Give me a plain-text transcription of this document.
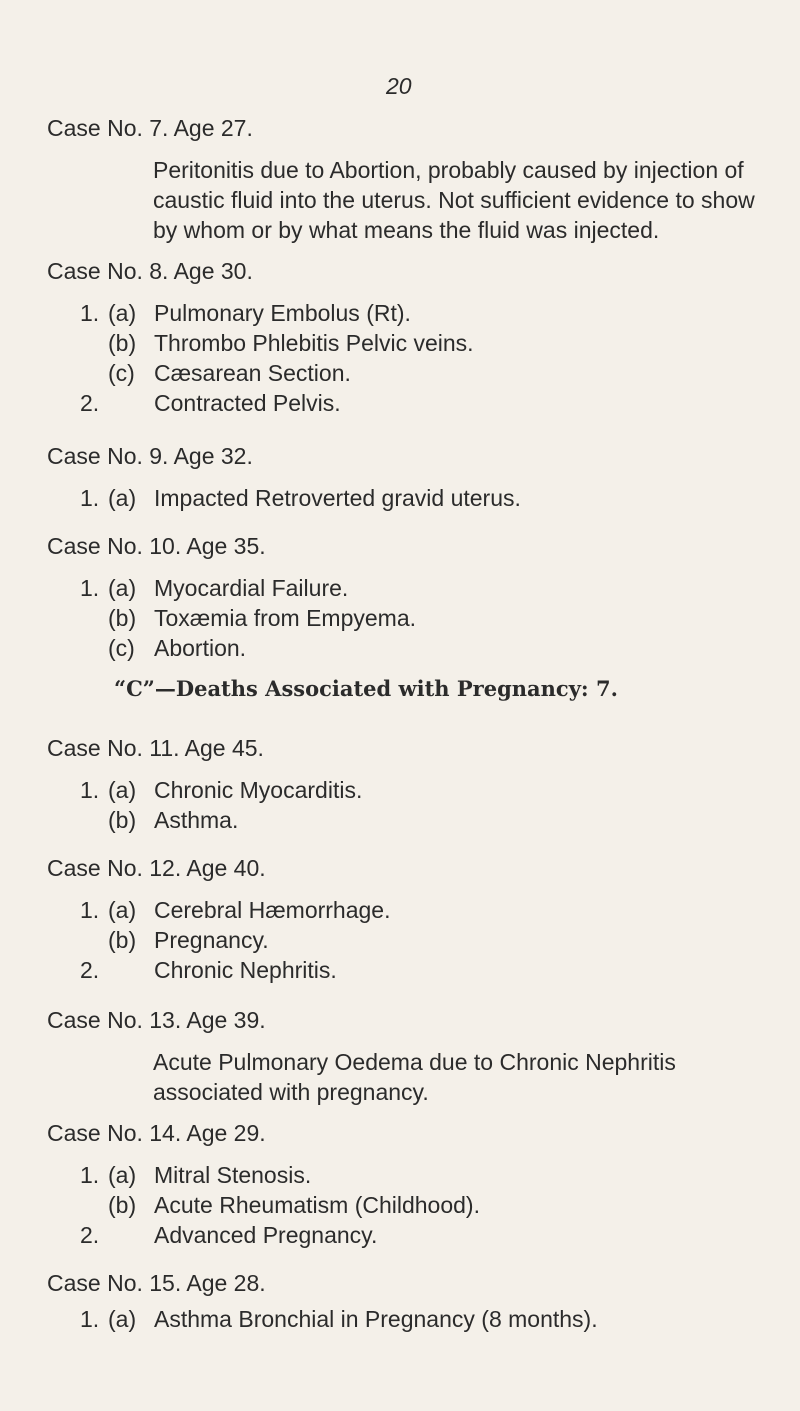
20

Case No. 7. Age 27.

Peritonitis due to Abortion, probably caused by injection of caustic fluid into the uterus. Not sufficient evidence to show by whom or by what means the fluid was injected.

Case No. 8. Age 30.

1. (a) Pulmonary Embolus (Rt).
(b) Thrombo Phlebitis Pelvic veins.
(c) Cæsarean Section.
2. Contracted Pelvis.

Case No. 9. Age 32.

1. (a) Impacted Retroverted gravid uterus.

Case No. 10. Age 35.

1. (a) Myocardial Failure.
(b) Toxæmia from Empyema.
(c) Abortion.
“C”—Deaths Associated with Pregnancy: 7.

Case No. 11. Age 45.

1. (a) Chronic Myocarditis.
(b) Asthma.

Case No. 12. Age 40.

1. (a) Cerebral Hæmorrhage.
(b) Pregnancy.
2. Chronic Nephritis.

Case No. 13. Age 39.

Acute Pulmonary Oedema due to Chronic Nephritis associated with pregnancy.

Case No. 14. Age 29.

1. (a) Mitral Stenosis.
(b) Acute Rheumatism (Childhood).
2. Advanced Pregnancy.

Case No. 15. Age 28.

1. (a) Asthma Bronchial in Pregnancy (8 months).
